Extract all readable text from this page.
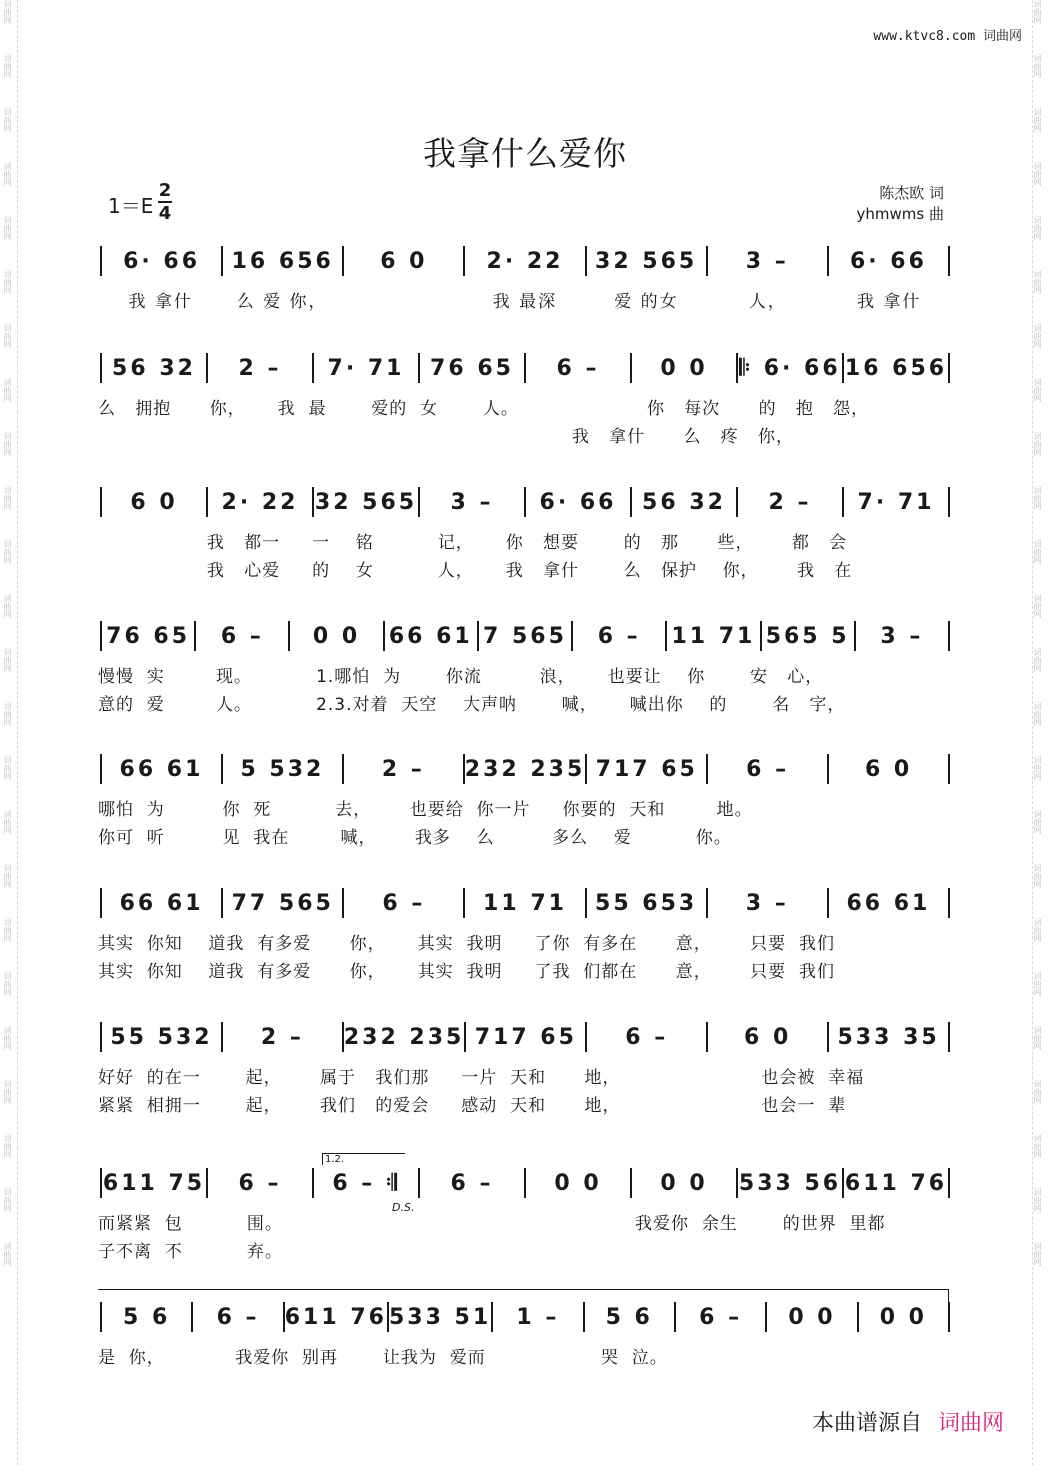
词曲网
词曲网
词曲网
词曲网
词曲网
词曲网
词曲网
词曲网
词曲网
词曲网
词曲网
词曲网
词曲网
词曲网
词曲网
词曲网
词曲网
词曲网
词曲网
词曲网
词曲网
词曲网
词曲网
词曲网
词曲网
词曲网
词曲网
词曲网
词曲网
词曲网
词曲网
词曲网
词曲网
词曲网
词曲网
词曲网
词曲网
词曲网
词曲网
词曲网
词曲网
词曲网
词曲网
词曲网
词曲网
词曲网
词曲网
词曲网
www.ktvc8.com 词曲网
我拿什么爱你
1＝E
2
4
陈杰欧 词
yhmwms 曲
6· 66	16 656	6 0	2· 22	32 565	3 –	6· 66
我 拿什	么 爱 你，	我 最深	爱 的女	人，	我 拿什
56 32	2 –	7· 71	76 65	6 –	0 0	𝄆 6· 66 16 656
么   拥抱      你，     我  最       爱的  女       人。                    你   每次      的   抱   怨，
我   拿什      么   疼   你，
6 0	2· 22 32 565	3 –	6· 66	56 32	2 –	7· 71
我   都一     一    铭          记，     你   想要       的   那      些，      都   会
我   心爱     的    女          人，     我   拿什       么   保护    你，      我   在
76 65	6 –	0 0	66 61 7 565	6 –	11 71 565 5	3 –
慢慢  实        现。          1.哪怕  为       你流         浪，     也要让    你       安   心，
意的  爱        人。          2.3.对着  天空    大声呐       喊，     喊出你    的       名   字，
66 61	5 532	2 –	232 235 717 65	6 –	6 0
哪怕  为         你  死          去，      也要给  你一片     你要的  天和        地。
你可  听         见  我在        喊，      我多    么         多么    爱          你。
66 61	77 565	6 –	11 71	55 653	3 –	66 61
其实  你知    道我  有多爱      你，     其实  我明     了你  有多在      意，      只要  我们
其实  你知    道我  有多爱      你，     其实  我明     了我  们都在      意，      只要  我们
55 532	2 –	232 235 717 65	6 –	6 0	533 35
好好  的在一       起，      属于   我们那     一片  天和      地，                      也会被  幸福
紧紧  相拥一       起，      我们   的爱会     感动  天和      地，                      也会一  辈
611 75	6 –	6 – 𝄇	6 –	0 0	0 0	533 56 611 76
而紧紧  包          围。                                                       我爱你  余生       的世界  里都
子不离  不          弃。
1.2.
D.S.
5 6	6 –	611 76 533 51	1 –	5 6	6 –	0 0	0 0
是  你，           我爱你  别再       让我为  爱而                  哭  泣。
本曲谱源自 词曲网
